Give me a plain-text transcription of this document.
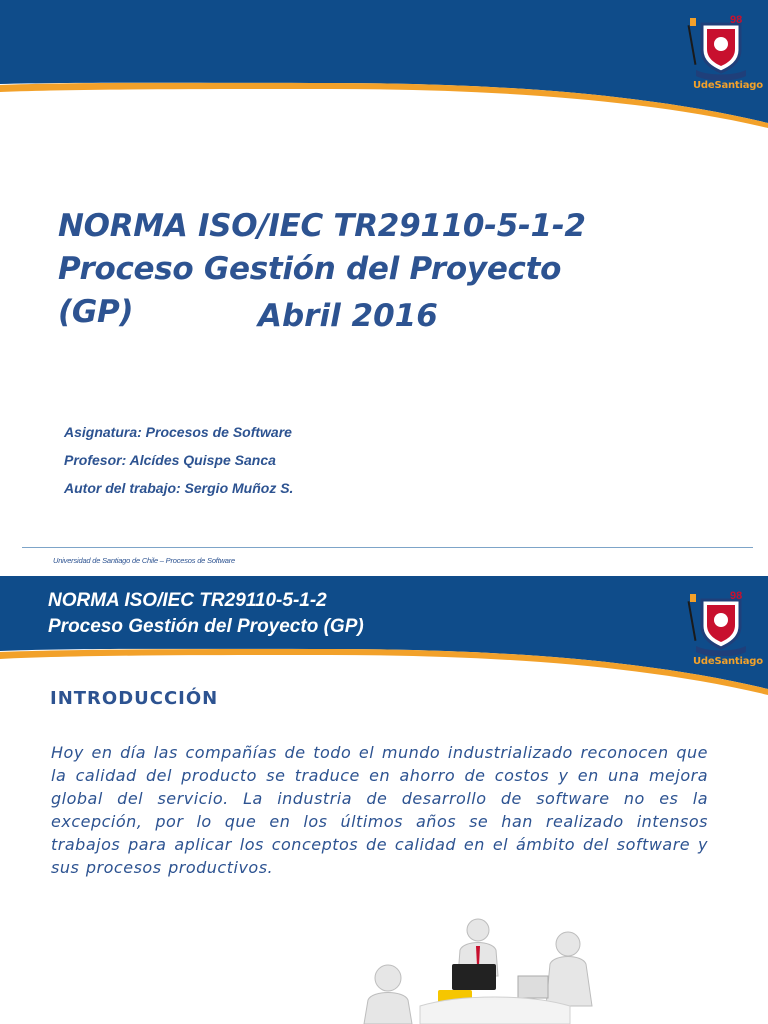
98
UdeSantiago
NORMA ISO/IEC TR29110-5-1-2
Proceso Gestión del Proyecto
(GP)	Abril 2016
Asignatura: Procesos de Software
Profesor: Alcídes Quispe Sanca
Autor del trabajo: Sergio Muñoz S.
Universidad de Santiago de Chile – Procesos de Software
NORMA ISO/IEC TR29110-5-1-2
Proceso Gestión del Proyecto (GP)
98
UdeSantiago
INTRODUCCIÓN
Hoy en día las compañías de todo el mundo industrializado reconocen que la calidad del producto se traduce en ahorro de costos y en una mejora global del servicio. La industria de desarrollo de software no es la excepción, por lo que en los últimos años se han realizado intensos trabajos para aplicar los conceptos de calidad en el ámbito del software y sus procesos productivos.
